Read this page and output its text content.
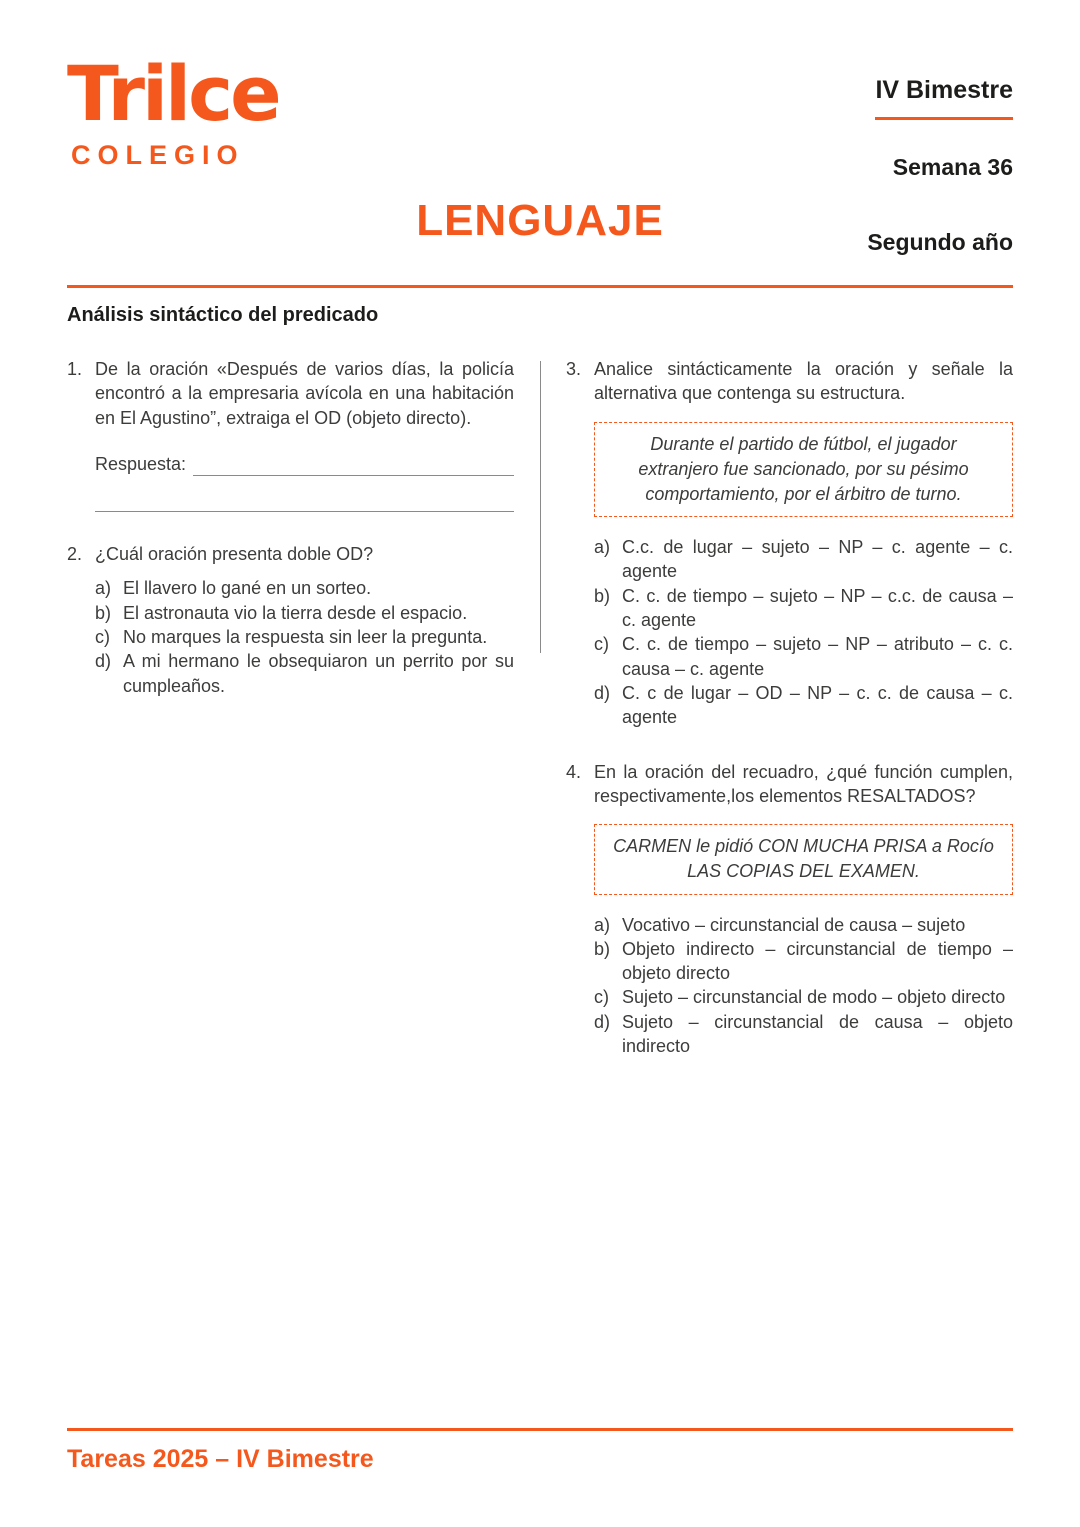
Trilce
COLEGIO
LENGUAJE
IV Bimestre
Semana 36
Segundo año
Análisis sintáctico del predicado
1. De la oración «Después de varios días, la policía encontró a la empresaria avícola en una habitación en El Agustino”, extraiga el OD (objeto directo).
Respuesta:
2. ¿Cuál oración presenta doble OD?
a) El llavero lo gané en un sorteo.
b) El astronauta vio la tierra desde el espacio.
c) No marques la respuesta sin leer la pregunta.
d) A mi hermano le obsequiaron un perrito por su cumpleaños.
3. Analice sintácticamente la oración y señale la alternativa que contenga su estructura.
Durante el partido de fútbol, el jugador extranjero fue sancionado, por su pésimo comportamiento, por el árbitro de turno.
a) C.c. de lugar – sujeto – NP – c. agente – c. agente
b) C. c. de tiempo – sujeto – NP – c.c. de causa – c. agente
c) C. c. de tiempo – sujeto – NP – atributo – c. c. causa – c. agente
d) C. c de lugar – OD – NP – c. c. de causa – c. agente
4. En la oración del recuadro, ¿qué función cumplen, respectivamente,los elementos RESALTADOS?
CARMEN le pidió CON MUCHA PRISA a Rocío LAS COPIAS DEL EXAMEN.
a) Vocativo – circunstancial de causa – sujeto
b) Objeto indirecto – circunstancial de tiempo – objeto directo
c) Sujeto – circunstancial de modo – objeto directo
d) Sujeto – circunstancial de causa – objeto indirecto
Tareas 2025 – IV Bimestre
